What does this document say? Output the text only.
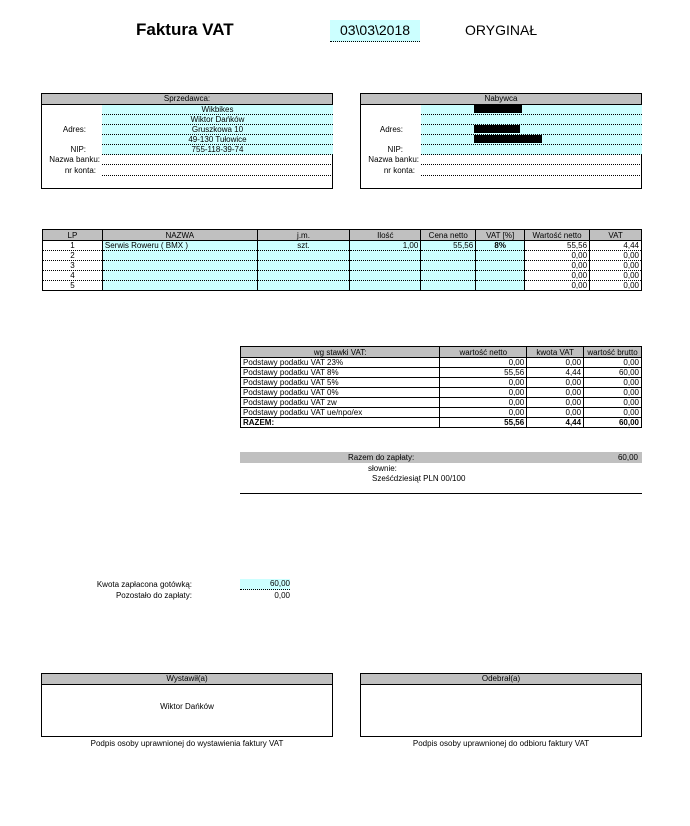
Faktura VAT	03\03\2018	ORYGINAŁ
Sprzedawca:
Wikbikes
Wiktor Dańków
Adres:	Gruszkowa 10
49-130 Tułowice
NIP:	755-118-39-74
Nazwa banku:
nr konta:
Nabywca
Adres:
NIP:
Nazwa banku:
nr konta:
LP	NAZWA	j.m.	Ilość	Cena netto	VAT [%]	Wartość netto	VAT
1	Serwis Roweru ( BMX )	szt.	1,00	55,56	8%	55,56	4,44
2						0,00	0,00
3						0,00	0,00
4						0,00	0,00
5						0,00	0,00
wg stawki VAT:	wartość netto	kwota VAT	wartość brutto
Podstawy podatku VAT 23%	0,00	0,00	0,00
Podstawy podatku VAT 8%	55,56	4,44	60,00
Podstawy podatku VAT 5%	0,00	0,00	0,00
Podstawy podatku VAT 0%	0,00	0,00	0,00
Podstawy podatku VAT zw	0,00	0,00	0,00
Podstawy podatku VAT ue/npo/ex	0,00	0,00	0,00
RAZEM:	55,56	4,44	60,00
Razem do zapłaty:	60,00
słownie:
Sześćdziesiąt PLN 00/100
Kwota zapłacona gotówką:	60,00
Pozostało do zapłaty:	0,00
Wystawił(a)
Wiktor Dańków
Podpis osoby uprawnionej do wystawienia faktury VAT
Odebrał(a)
Podpis osoby uprawnionej do odbioru faktury VAT
